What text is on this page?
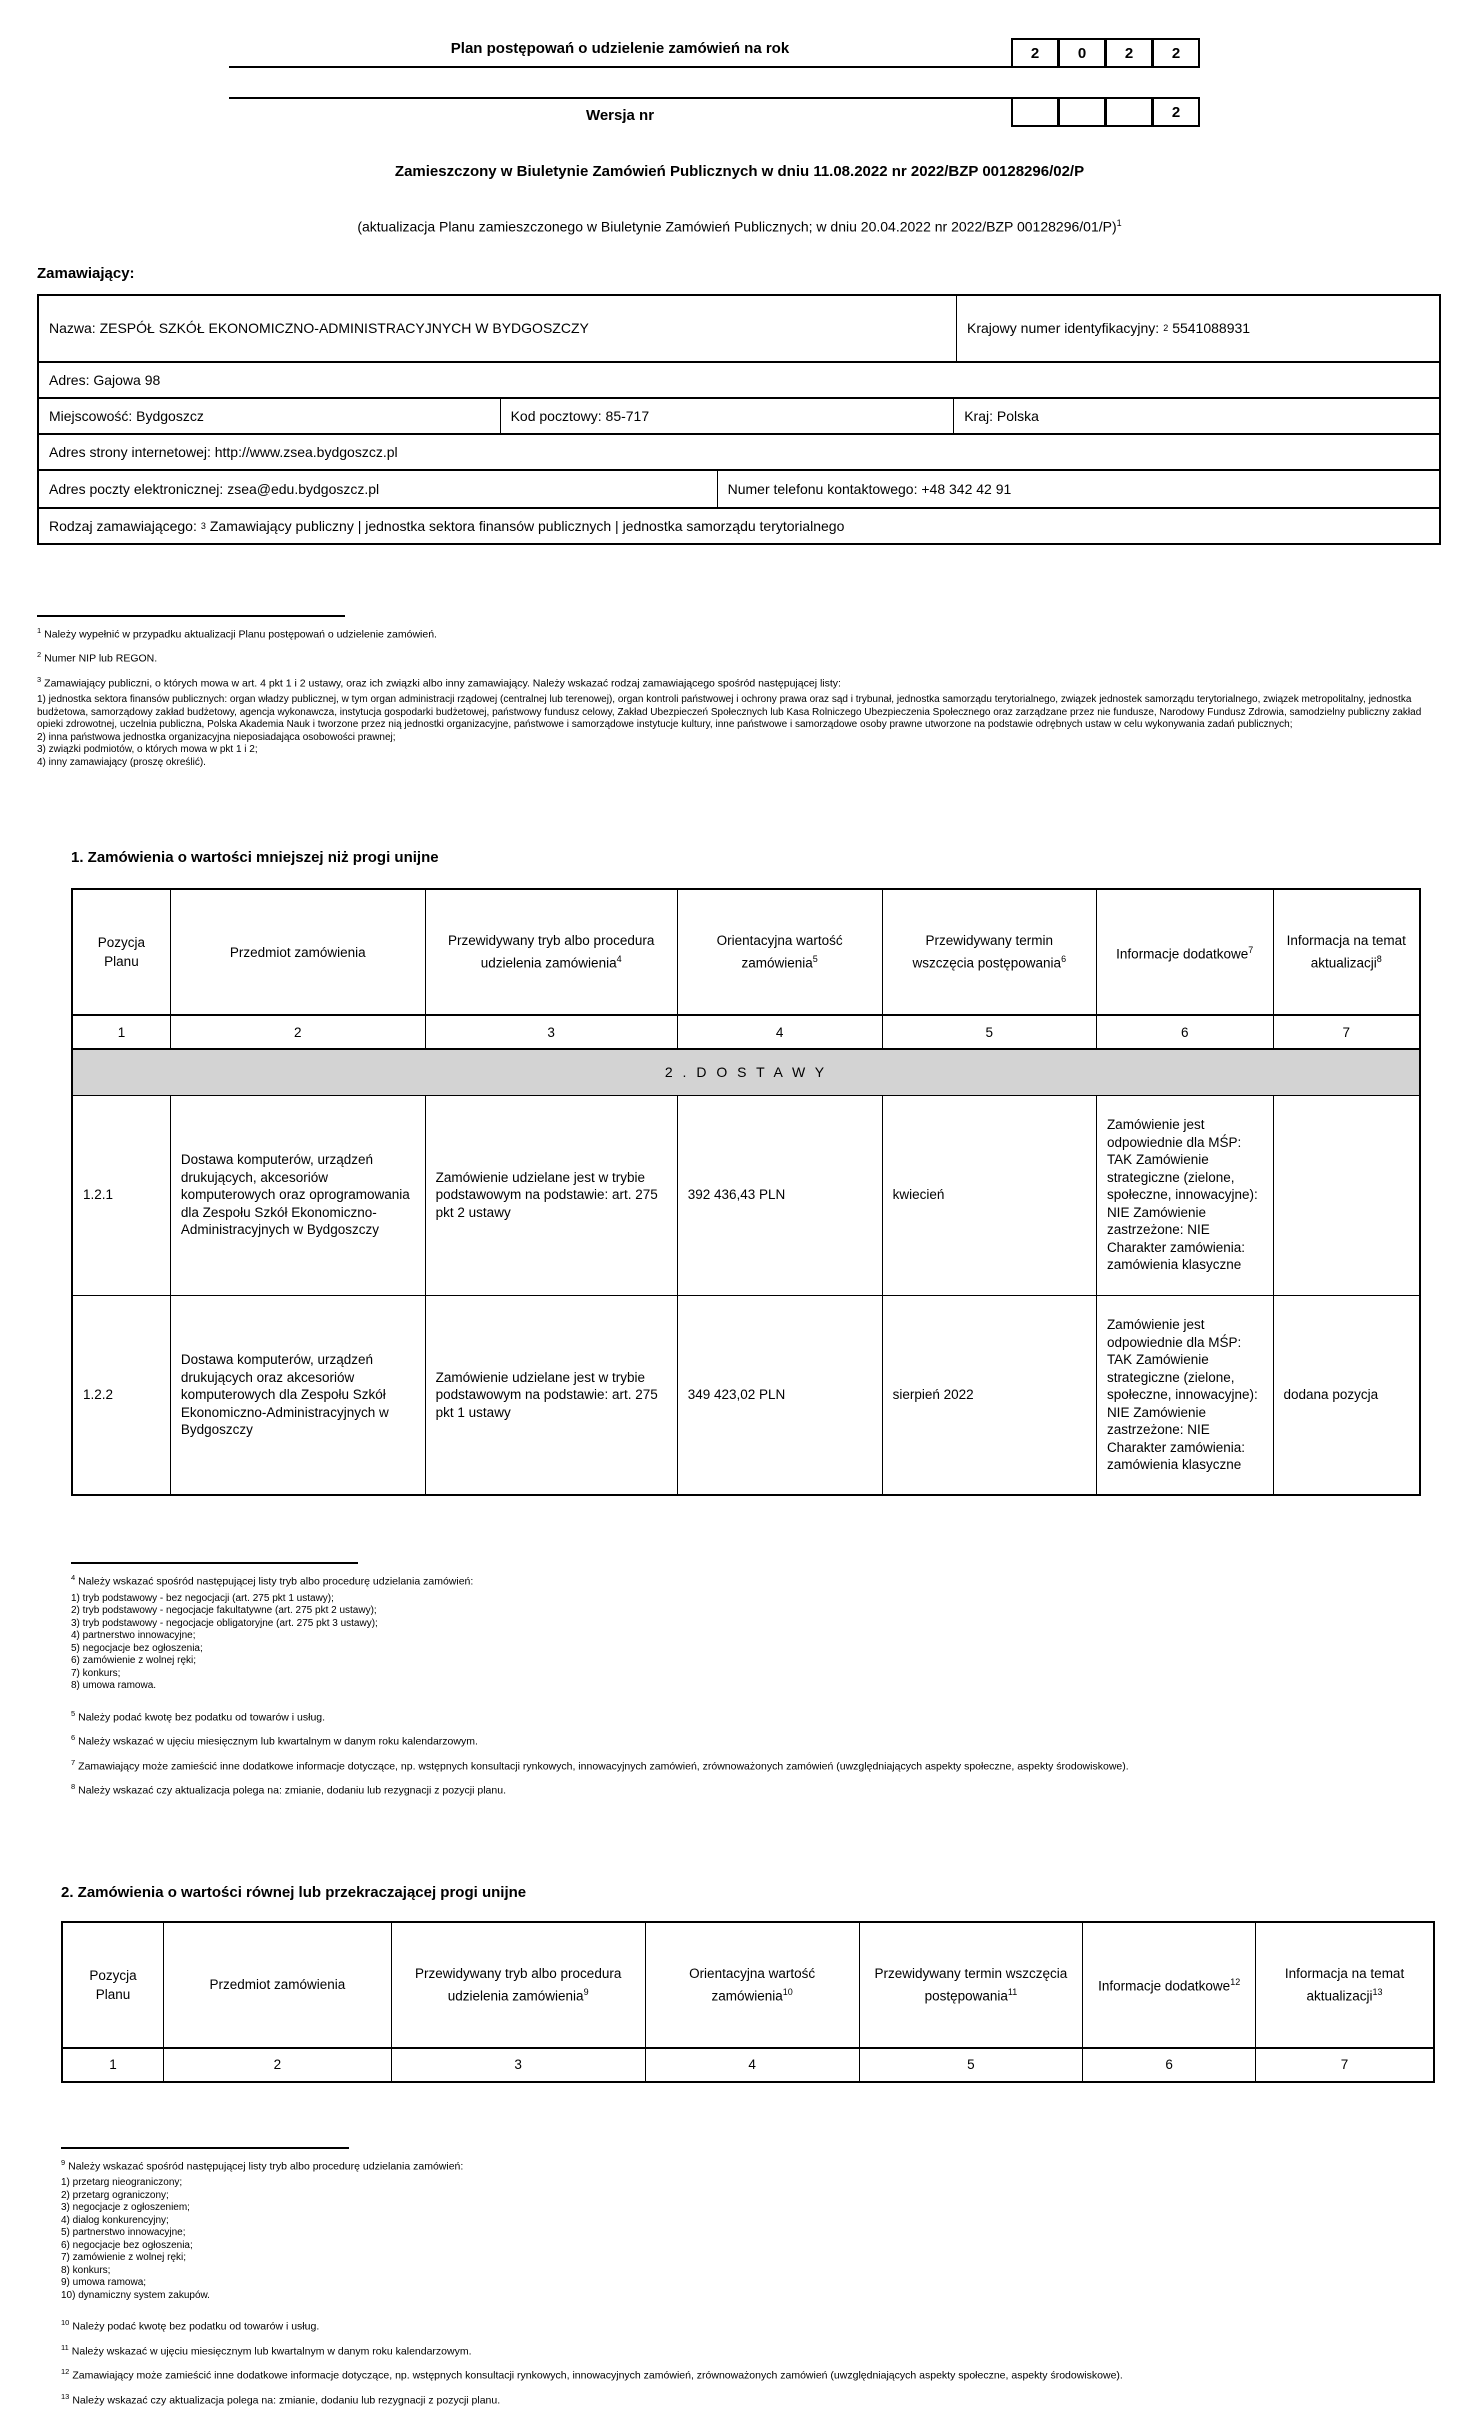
Plan postępowań o udzielenie zamówień na rok	2	0	2	2
Wersja nr	2
Zamieszczony w Biuletynie Zamówień Publicznych w dniu 11.08.2022 nr 2022/BZP 00128296/02/P
(aktualizacja Planu zamieszczonego w Biuletynie Zamówień Publicznych; w dniu 20.04.2022 nr 2022/BZP 00128296/01/P)$^1$
Zamawiający:
Nazwa: ZESPÓŁ SZKÓŁ EKONOMICZNO-ADMINISTRACYJNYCH W BYDGOSZCZY	Krajowy numer identyfikacyjny: 2 5541088931
Adres: Gajowa 98
Miejscowość: Bydgoszcz	Kod pocztowy: 85-717	Kraj: Polska
Adres strony internetowej: http://www.zsea.bydgoszcz.pl
Adres poczty elektronicznej: zsea@edu.bydgoszcz.pl	Numer telefonu kontaktowego: +48 342 42 91
Rodzaj zamawiającego: 3 Zamawiający publiczny | jednostka sektora finansów publicznych | jednostka samorządu terytorialnego
$^1$ Należy wypełnić w przypadku aktualizacji Planu postępowań o udzielenie zamówień.
$^2$ Numer NIP lub REGON.
$^3$ Zamawiający publiczni, o których mowa w art. 4 pkt 1 i 2 ustawy, oraz ich związki albo inny zamawiający. Należy wskazać rodzaj zamawiającego spośród następującej listy:
1) jednostka sektora finansów publicznych: organ władzy publicznej, w tym organ administracji rządowej (centralnej lub terenowej), organ kontroli państwowej i ochrony prawa oraz sąd i trybunał, jednostka samorządu terytorialnego, związek jednostek samorządu terytorialnego, związek metropolitalny, jednostka budżetowa, samorządowy zakład budżetowy, agencja wykonawcza, instytucja gospodarki budżetowej, państwowy fundusz celowy, Zakład Ubezpieczeń Społecznych lub Kasa Rolniczego Ubezpieczenia Społecznego oraz zarządzane przez nie fundusze, Narodowy Fundusz Zdrowia, samodzielny publiczny zakład opieki zdrowotnej, uczelnia publiczna, Polska Akademia Nauk i tworzone przez nią jednostki organizacyjne, państwowe i samorządowe instytucje kultury, inne państwowe i samorządowe osoby prawne utworzone na podstawie odrębnych ustaw w celu wykonywania zadań publicznych;
2) inna państwowa jednostka organizacyjna nieposiadająca osobowości prawnej;
3) związki podmiotów, o których mowa w pkt 1 i 2;
4) inny zamawiający (proszę określić).
1. Zamówienia o wartości mniejszej niż progi unijne
Pozycja Planu	Przedmiot zamówienia	Przewidywany tryb albo procedura udzielenia zamówienia$^4$	Orientacyjna wartość zamówienia$^5$	Przewidywany termin wszczęcia postępowania$^6$	Informacje dodatkowe$^7$	Informacja na temat aktualizacji$^8$
1	2	3	4	5	6	7
2 . D O S T A W Y						
1.2.1	Dostawa komputerów, urządzeń drukujących, akcesoriów komputerowych oraz oprogramowania dla Zespołu Szkół Ekonomiczno-Administracyjnych w Bydgoszczy	Zamówienie udzielane jest w trybie podstawowym na podstawie: art. 275 pkt 2 ustawy	392 436,43 PLN	kwiecień	Zamówienie jest odpowiednie dla MŚP: TAK Zamówienie strategiczne (zielone, społeczne, innowacyjne): NIE Zamówienie zastrzeżone: NIE Charakter zamówienia: zamówienia klasyczne	
1.2.2	Dostawa komputerów, urządzeń drukujących oraz akcesoriów komputerowych dla Zespołu Szkół Ekonomiczno-Administracyjnych w Bydgoszczy	Zamówienie udzielane jest w trybie podstawowym na podstawie: art. 275 pkt 1 ustawy	349 423,02 PLN	sierpień 2022	Zamówienie jest odpowiednie dla MŚP: TAK Zamówienie strategiczne (zielone, społeczne, innowacyjne): NIE Zamówienie zastrzeżone: NIE Charakter zamówienia: zamówienia klasyczne	dodana pozycja
$^4$ Należy wskazać spośród następującej listy tryb albo procedurę udzielania zamówień:
1) tryb podstawowy - bez negocjacji (art. 275 pkt 1 ustawy);
2) tryb podstawowy - negocjacje fakultatywne (art. 275 pkt 2 ustawy);
3) tryb podstawowy - negocjacje obligatoryjne (art. 275 pkt 3 ustawy);
4) partnerstwo innowacyjne;
5) negocjacje bez ogłoszenia;
6) zamówienie z wolnej ręki;
7) konkurs;
8) umowa ramowa.
$^5$ Należy podać kwotę bez podatku od towarów i usług.
$^6$ Należy wskazać w ujęciu miesięcznym lub kwartalnym w danym roku kalendarzowym.
$^7$ Zamawiający może zamieścić inne dodatkowe informacje dotyczące, np. wstępnych konsultacji rynkowych, innowacyjnych zamówień, zrównoważonych zamówień (uwzględniających aspekty społeczne, aspekty środowiskowe).
$^8$ Należy wskazać czy aktualizacja polega na: zmianie, dodaniu lub rezygnacji z pozycji planu.
2. Zamówienia o wartości równej lub przekraczającej progi unijne
Pozycja Planu	Przedmiot zamówienia	Przewidywany tryb albo procedura udzielenia zamówienia$^9$	Orientacyjna wartość zamówienia$^{10}$	Przewidywany termin wszczęcia postępowania$^{11}$	Informacje dodatkowe$^{12}$	Informacja na temat aktualizacji$^{13}$
1	2	3	4	5	6	7
$^9$ Należy wskazać spośród następującej listy tryb albo procedurę udzielania zamówień:
1) przetarg nieograniczony;
2) przetarg ograniczony;
3) negocjacje z ogłoszeniem;
4) dialog konkurencyjny;
5) partnerstwo innowacyjne;
6) negocjacje bez ogłoszenia;
7) zamówienie z wolnej ręki;
8) konkurs;
9) umowa ramowa;
10) dynamiczny system zakupów.
$^{10}$ Należy podać kwotę bez podatku od towarów i usług.
$^{11}$ Należy wskazać w ujęciu miesięcznym lub kwartalnym w danym roku kalendarzowym.
$^{12}$ Zamawiający może zamieścić inne dodatkowe informacje dotyczące, np. wstępnych konsultacji rynkowych, innowacyjnych zamówień, zrównoważonych zamówień (uwzględniających aspekty społeczne, aspekty środowiskowe).
$^{13}$ Należy wskazać czy aktualizacja polega na: zmianie, dodaniu lub rezygnacji z pozycji planu.
